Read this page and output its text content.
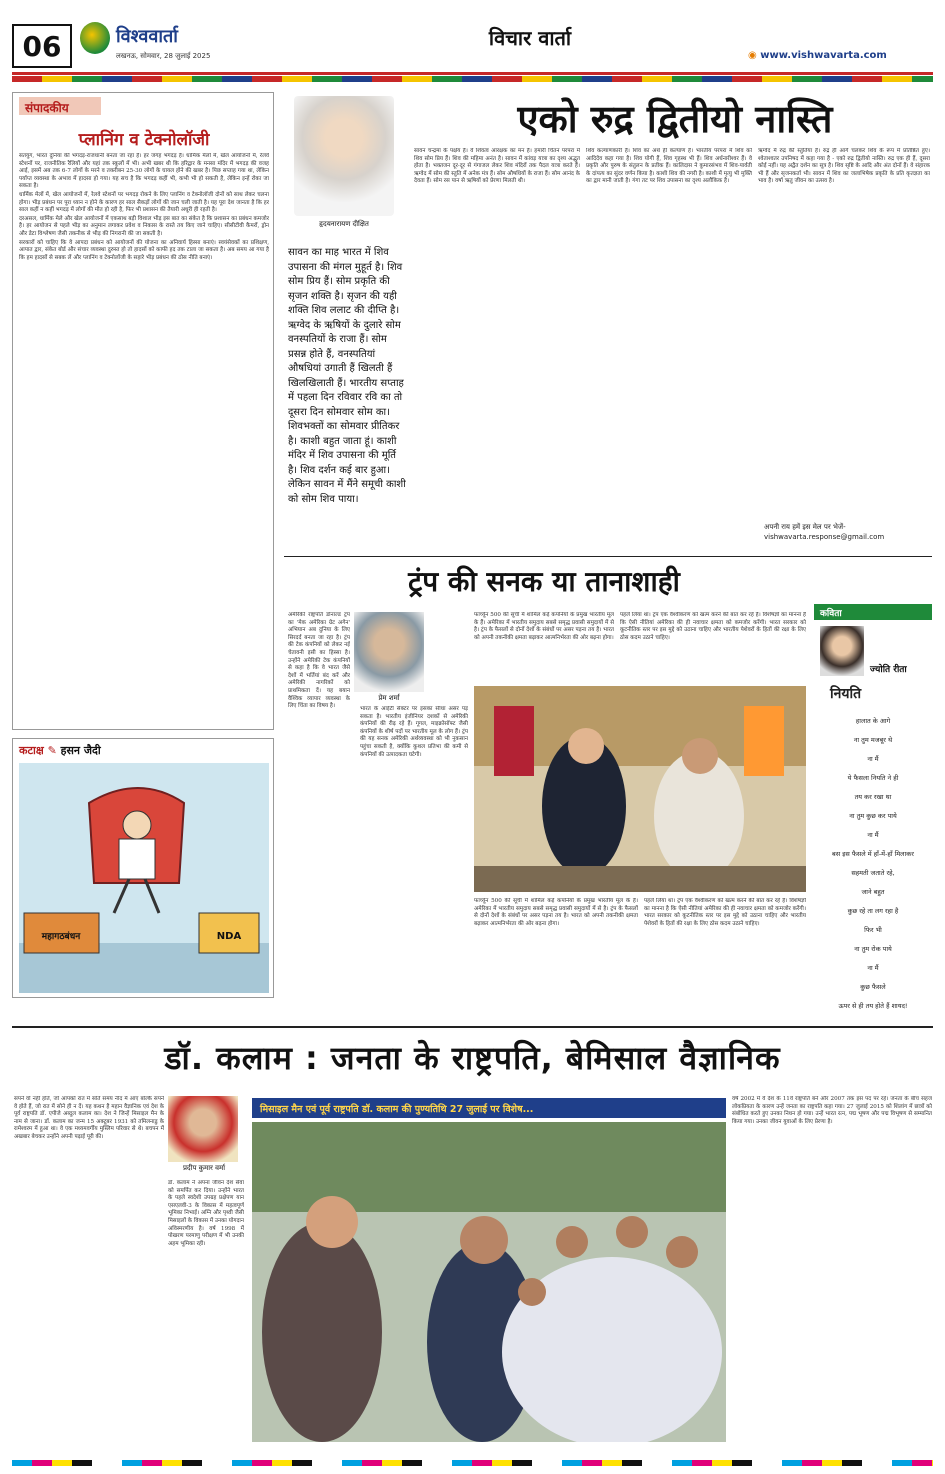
06	विश्ववार्ता
लखनऊ, सोमवार, 28 जुलाई 2025
विचार वार्ता
◉ www.vishwavarta.com
संपादकीय
प्लानिंग व टेक्नोलॉजी

सतयुग, भारत दुनिया की भगदड़-राजधानी बनता जा रहा है। हर जगह भगदड़ है। धार्मिक मेलों में, खेल आयोजनों में, रेलवे स्टेशनों पर, राजनीतिक रैलियों और यहां तक स्कूलों में भी। अभी खबर थी कि हरिद्वार के मनसा मंदिर में भगदड़ की वजह आई, इसमें अब तक 6-7 लोगों के मरने व तकरीबन 25-30 लोगों के घायल होने की खबर है। पिछ सप्ताह गया था, लेकिन पर्याप्त व्यवस्था के अभाव में हादसा हो गया। यह सच है कि भगदड़ कहीं भी, कभी भी हो सकती है, लेकिन इन्हें रोका जा सकता है।

धार्मिक मेलों में, खेल आयोजनों में, रेलवे स्टेशनों पर भगदड़ रोकने के लिए प्लानिंग व टेक्नोलॉजी दोनों को साथ लेकर चलना होगा। भीड़ प्रबंधन पर पूरा ध्यान न होने के कारण हर साल सैकड़ों लोगों की जान चली जाती है। यह पूरा देश जानता है कि हर साल कहीं न कहीं भगदड़ में लोगों की मौत हो रही है, फिर भी प्रशासन की तैयारी अधूरी ही रहती है।

दरअसल, धार्मिक मेले और खेल आयोजनों में एकसाथ बड़ी विशाल भीड़ इस बात का संकेत है कि प्रशासन का प्रबंधन कमजोर है। हर आयोजन से पहले भीड़ का अनुमान लगाकर प्रवेश व निकास के रास्ते तय किए जाने चाहिए। सीसीटीवी कैमरों, ड्रोन और डेटा विश्लेषण जैसी तकनीक से भीड़ की निगरानी की जा सकती है।

सरकारों को चाहिए कि वे आपदा प्रबंधन को आयोजनों की योजना का अनिवार्य हिस्सा बनाएं। स्वयंसेवकों का प्रशिक्षण, आपात द्वार, संकेत बोर्ड और संचार व्यवस्था दुरुस्त हो तो हादसों को काफी हद तक टाला जा सकता है। अब समय आ गया है कि हम हादसों से सबक लें और प्लानिंग व टेक्नोलॉजी के सहारे भीड़ प्रबंधन की ठोस नीति बनाएं।

कटाक्ष ✎ हसन जैदी
महागठबंधन	NDA
एको रुद्र द्वितीयो नास्ति
हृदयनारायण दीक्षित
सावन का माह भारत में शिव उपासना की मंगल मुहूर्त है। शिव सोम प्रिय हैं। सोम प्रकृति की सृजन शक्ति है। सृजन की यही शक्ति शिव ललाट की दीप्ति है। ऋग्वेद के ऋषियों के दुलारे सोम वनस्पतियों के राजा हैं। सोम प्रसन्न होते हैं, वनस्पतियां औषधियां उगाती हैं खिलती हैं खिलखिलाती हैं। भारतीय सप्ताह में पहला दिन रविवार रवि का तो दूसरा दिन सोमवार सोम का। शिवभक्तों का सोमवार प्रीतिकर है। काशी बहुत जाता हूं। काशी मंदिर में शिव उपासना की मूर्ति है। शिव दर्शन कई बार हुआ। लेकिन सावन में मैंने समूची काशी को सोम शिव पाया।
सावन चन्द्रमा के पक्षेय हैं। वे शिवत्व आरक्षक का मन हैं। हमारी चिंतन पंरपरा में शिव सोम प्रिय हैं। शिव की महिमा अनंत है। सावन में कांवड़ यात्रा का दृश्य अद्भुत होता है। भक्तजन दूर-दूर से गंगाजल लेकर शिव मंदिरों तक पैदल यात्रा करते हैं। ऋग्वेद में सोम की स्तुति में अनेक मंत्र हैं। सोम औषधियों के राजा हैं। सोम आनंद के देवता हैं। सोम रस पान से ऋषियों को प्रेरणा मिलती थी।
शिव कल्याणकारी हैं। शिव का अर्थ ही कल्याण है। भारतीय परंपरा में शिव को आदिदेव कहा गया है। शिव योगी हैं, शिव गृहस्थ भी हैं। शिव अर्धनारीश्वर हैं। वे प्रकृति और पुरुष के संतुलन के प्रतीक हैं। कालिदास ने कुमारसंभव में शिव-पार्वती के दांपत्य का सुंदर वर्णन किया है। काशी शिव की नगरी है। काशी में मृत्यु भी मुक्ति का द्वार मानी जाती है। गंगा तट पर शिव उपासना का दृश्य अलौकिक है।
ऋग्वेद में रुद्र की स्तुतियां हैं। रुद्र ही आगे चलकर शिव के रूप में प्रतिष्ठित हुए। श्वेताश्वतर उपनिषद में कहा गया है - एको रुद्र द्वितीयो नास्ति। रुद्र एक ही हैं, दूसरा कोई नहीं। यह अद्वैत दर्शन का सूत्र है। शिव सृष्टि के आदि और अंत दोनों हैं। वे संहारक भी हैं और सृजनकर्ता भी। सावन में शिव का जलाभिषेक प्रकृति के प्रति कृतज्ञता का भाव है। वर्षा ऋतु जीवन का उत्सव है।
अपनी राय हमें इस मेल पर भेजें- vishwavarta.response@gmail.com
ट्रंप की सनक या तानाशाही
प्रेम शर्मा
अमेरिकी राष्ट्रपति डोनाल्ड ट्रंप का 'मेक अमेरिका ग्रेट अगेन' अभियान अब दुनिया के लिए सिरदर्द बनता जा रहा है। ट्रंप की टेक कंपनियों को लेकर नई चेतावनी इसी का हिस्सा है। उन्होंने अमेरिकी टेक कंपनियों से कहा है कि वे भारत जैसे देशों में भर्तियां बंद करें और अमेरिकी नागरिकों को प्राथमिकता दें। यह बयान वैश्विक व्यापार व्यवस्था के लिए चिंता का विषय है।	भारत के आईटी सेक्टर पर इसका सीधा असर पड़ सकता है। भारतीय इंजीनियर दशकों से अमेरिकी कंपनियों की रीढ़ रहे हैं। गूगल, माइक्रोसॉफ्ट जैसी कंपनियों के शीर्ष पदों पर भारतीय मूल के लोग हैं। ट्रंप की यह सनक अमेरिकी अर्थव्यवस्था को भी नुकसान पहुंचा सकती है, क्योंकि कुशल प्रतिभा की कमी से कंपनियों की उत्पादकता घटेगी।
फार्च्यून 500 की सूची में शामिल कई कंपनियों के प्रमुख भारतीय मूल के हैं। अमेरिका में भारतीय समुदाय सबसे समृद्ध प्रवासी समुदायों में से है। ट्रंप के फैसलों से दोनों देशों के संबंधों पर असर पड़ना तय है। भारत को अपनी तकनीकी क्षमता बढ़ाकर आत्मनिर्भरता की ओर बढ़ना होगा।
पहले लिया था। ट्रंप एक वैश्वीकरण को खत्म करने की बात कर रहे हैं। विशेषज्ञों का मानना है कि ऐसी नीतियां अमेरिका की ही नवाचार क्षमता को कमजोर करेंगी। भारत सरकार को कूटनीतिक स्तर पर इस मुद्दे को उठाना चाहिए और भारतीय पेशेवरों के हितों की रक्षा के लिए ठोस कदम उठाने चाहिए।
फार्च्यून 500 की सूची में शामिल कई कंपनियों के प्रमुख भारतीय मूल के हैं। अमेरिका में भारतीय समुदाय सबसे समृद्ध प्रवासी समुदायों में से है। ट्रंप के फैसलों से दोनों देशों के संबंधों पर असर पड़ना तय है। भारत को अपनी तकनीकी क्षमता बढ़ाकर आत्मनिर्भरता की ओर बढ़ना होगा।
पहले लिया था। ट्रंप एक वैश्वीकरण को खत्म करने की बात कर रहे हैं। विशेषज्ञों का मानना है कि ऐसी नीतियां अमेरिका की ही नवाचार क्षमता को कमजोर करेंगी। भारत सरकार को कूटनीतिक स्तर पर इस मुद्दे को उठाना चाहिए और भारतीय पेशेवरों के हितों की रक्षा के लिए ठोस कदम उठाने चाहिए।
कविता
ज्योति रीता
नियति
हालात के आगे
ना तुम मजबूर थे
ना मैं
ये फैसला नियति ने ही
तय कर रखा था
ना तुम कुछ कर पाये
ना मैं
बस इस फैसले में हाँ-में-हाँ मिलाकर
सहमती जताते रहे,
जाने बहुत
कुछ रहे ता लग रहा है
फिर भी
ना तुम रोक पाये
ना मैं
कुछ फैसले
ऊपर से ही तय होते हैं शायद!
डॉ. कलाम : जनता के राष्ट्रपति, बेमिसाल वैज्ञानिक
सपने वो नहीं होते, जो आपको रात में सोते समय नींद में आए बल्कि सपने वे होते हैं, जो रात में सोने ही न दें। यह कथन है महान वैज्ञानिक एवं देश के पूर्व राष्ट्रपति डॉ. एपीजे अब्दुल कलाम का। देश ने जिन्हें मिसाइल मैन के नाम से जाना। डॉ. कलाम का जन्म 15 अक्टूबर 1931 को तमिलनाडु के रामेश्वरम में हुआ था। वे एक मध्यमवर्गीय मुस्लिम परिवार से थे। बचपन में अखबार बेचकर उन्होंने अपनी पढ़ाई पूरी की।
प्रदीप कुमार वर्मा
डॉ. कलाम ने अपना जीवन देश सेवा को समर्पित कर दिया। उन्होंने भारत के पहले स्वदेशी उपग्रह प्रक्षेपण यान एसएलवी-3 के विकास में महत्वपूर्ण भूमिका निभाई। अग्नि और पृथ्वी जैसी मिसाइलों के विकास में उनका योगदान अविस्मरणीय है। वर्ष 1998 में पोखरण परमाणु परीक्षण में भी उनकी अहम भूमिका रही।
मिसाइल मैन एवं पूर्व राष्ट्रपति डॉ. कलाम की पुण्यतिथि 27 जुलाई पर विशेष...
वर्ष 2002 में वे देश के 11वें राष्ट्रपति बने और 2007 तक इस पद पर रहे। जनता के बीच सहज लोकप्रियता के कारण उन्हें जनता का राष्ट्रपति कहा गया। 27 जुलाई 2015 को शिलांग में छात्रों को संबोधित करते हुए उनका निधन हो गया। उन्हें भारत रत्न, पद्म भूषण और पद्म विभूषण से सम्मानित किया गया। उनका जीवन युवाओं के लिए प्रेरणा है।
